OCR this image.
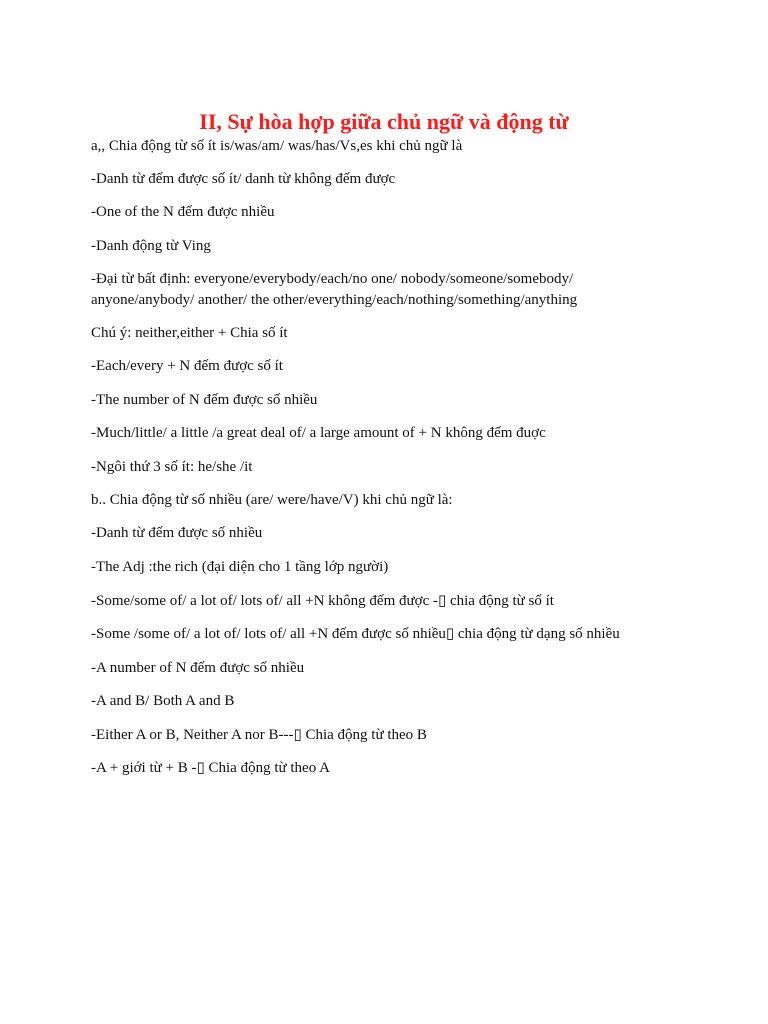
II, Sự hòa hợp giữa chủ ngữ và động từ
a,, Chia động từ số ít is/was/am/ was/has/Vs,es khi chủ ngữ là
-Danh từ đếm được số ít/ danh từ không đếm được
-One of the N đếm được nhiều
-Danh động từ Ving
-Đại từ bất định: everyone/everybody/each/no one/ nobody/someone/somebody/
anyone/anybody/ another/ the other/everything/each/nothing/something/anything
Chú ý: neither,either + Chia số ít
-Each/every + N đếm được số ít
-The number of N đếm được số nhiều
-Much/little/ a little /a great deal of/ a large amount of + N không đếm đuợc
-Ngôi thứ 3 số ít: he/she /it
b.. Chia động từ số nhiều (are/ were/have/V) khi chủ ngữ là:
-Danh từ đếm được số nhiều
-The Adj :the rich (đại diện cho 1 tầng lớp người)
-Some/some of/ a lot of/ lots of/ all +N không đếm được -▯ chia động từ số ít
-Some /some of/ a lot of/ lots of/ all +N đếm được số nhiều▯ chia động từ dạng số nhiều
-A number of N đếm được số nhiều
-A and B/ Both A and B
-Either A or B, Neither A nor B---▯ Chia động từ theo B
-A + giới từ + B -▯ Chia động từ theo A
